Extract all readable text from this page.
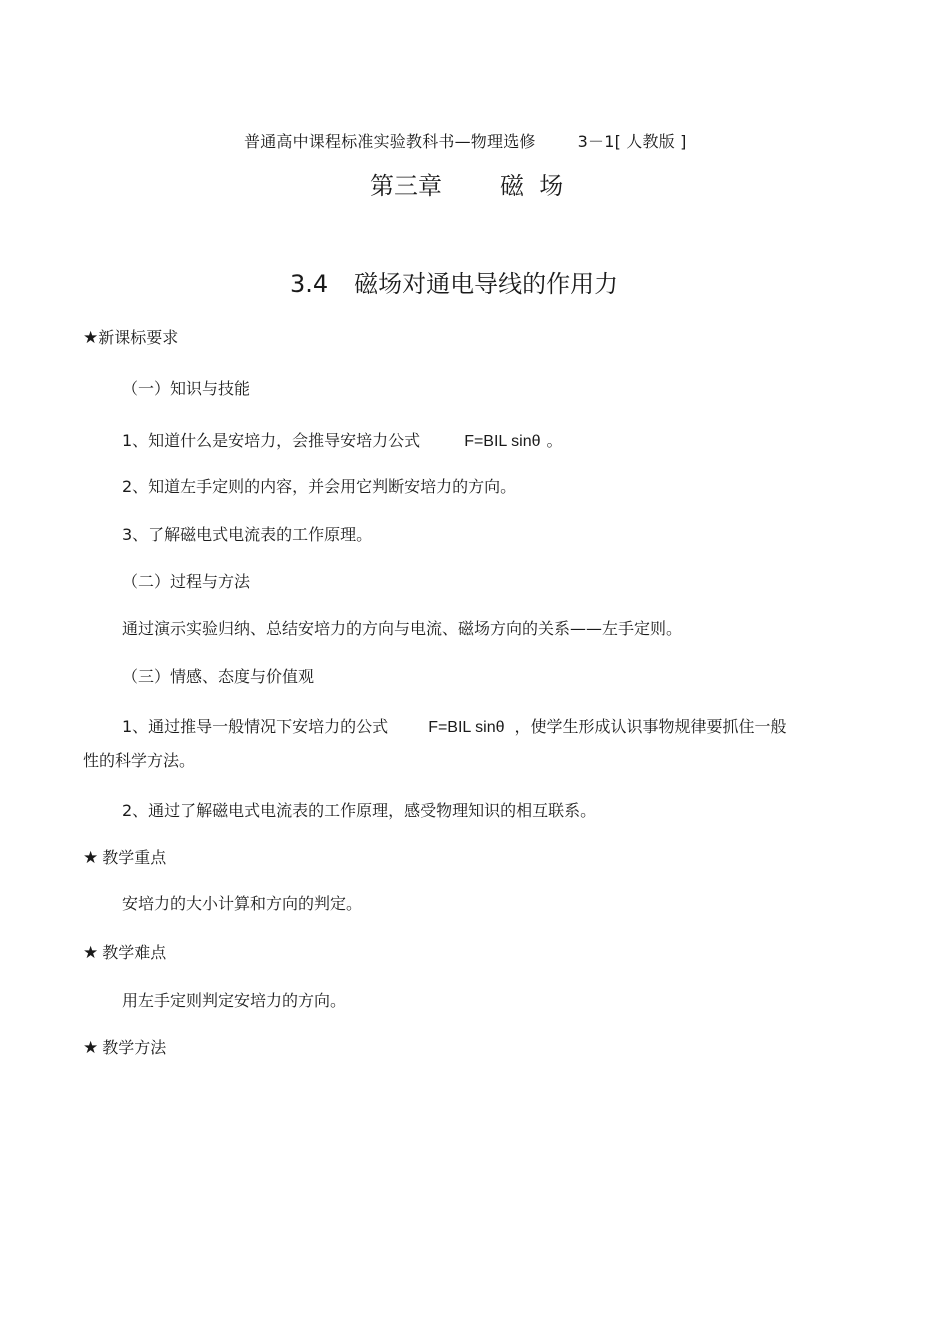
普通高中课程标准实验教科书—物理选修	3－1[ 人教版 ]
第三章 磁  场
3.4 磁场对通电导线的作用力
★新课标要求
（一）知识与技能
1、知道什么是安培力，会推导安培力公式	F=BIL sinθ 。
2、知道左手定则的内容，并会用它判断安培力的方向。
3、了解磁电式电流表的工作原理。
（二）过程与方法
通过演示实验归纳、总结安培力的方向与电流、磁场方向的关系——左手定则。
（三）情感、态度与价值观
1、通过推导一般情况下安培力的公式	F=BIL sinθ ，使学生形成认识事物规律要抓住一般
性的科学方法。
2、通过了解磁电式电流表的工作原理，感受物理知识的相互联系。
★ 教学重点
安培力的大小计算和方向的判定。
★ 教学难点
用左手定则判定安培力的方向。
★ 教学方法
